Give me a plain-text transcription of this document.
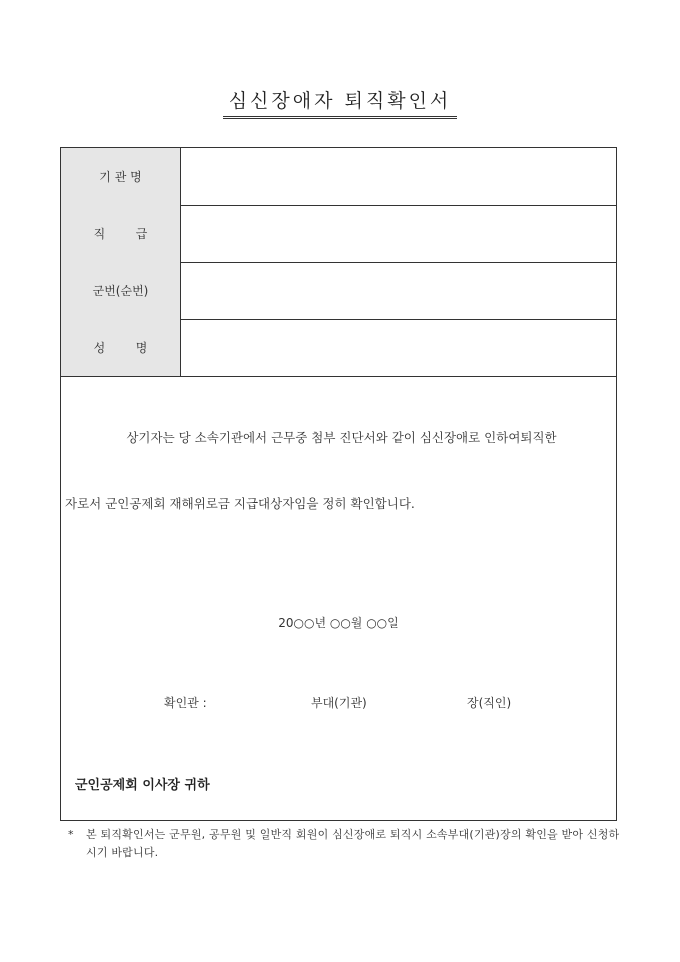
심신장애자 퇴직확인서
기 관 명
직        급
군번(순번)
성        명
상기자는 당 소속기관에서 근무중 첨부 진단서와 같이 심신장애로 인하여퇴직한
자로서 군인공제회 재해위로금 지급대상자임을 정히 확인합니다.
20○○년 ○○월 ○○일
확인관 :	부대(기관)	장(직인)
군인공제회 이사장 귀하
* 본 퇴직확인서는 군무원, 공무원 및 일반직 회원이 심신장애로 퇴직시 소속부대(기관)장의 확인을 받아 신청하시기 바랍니다.
